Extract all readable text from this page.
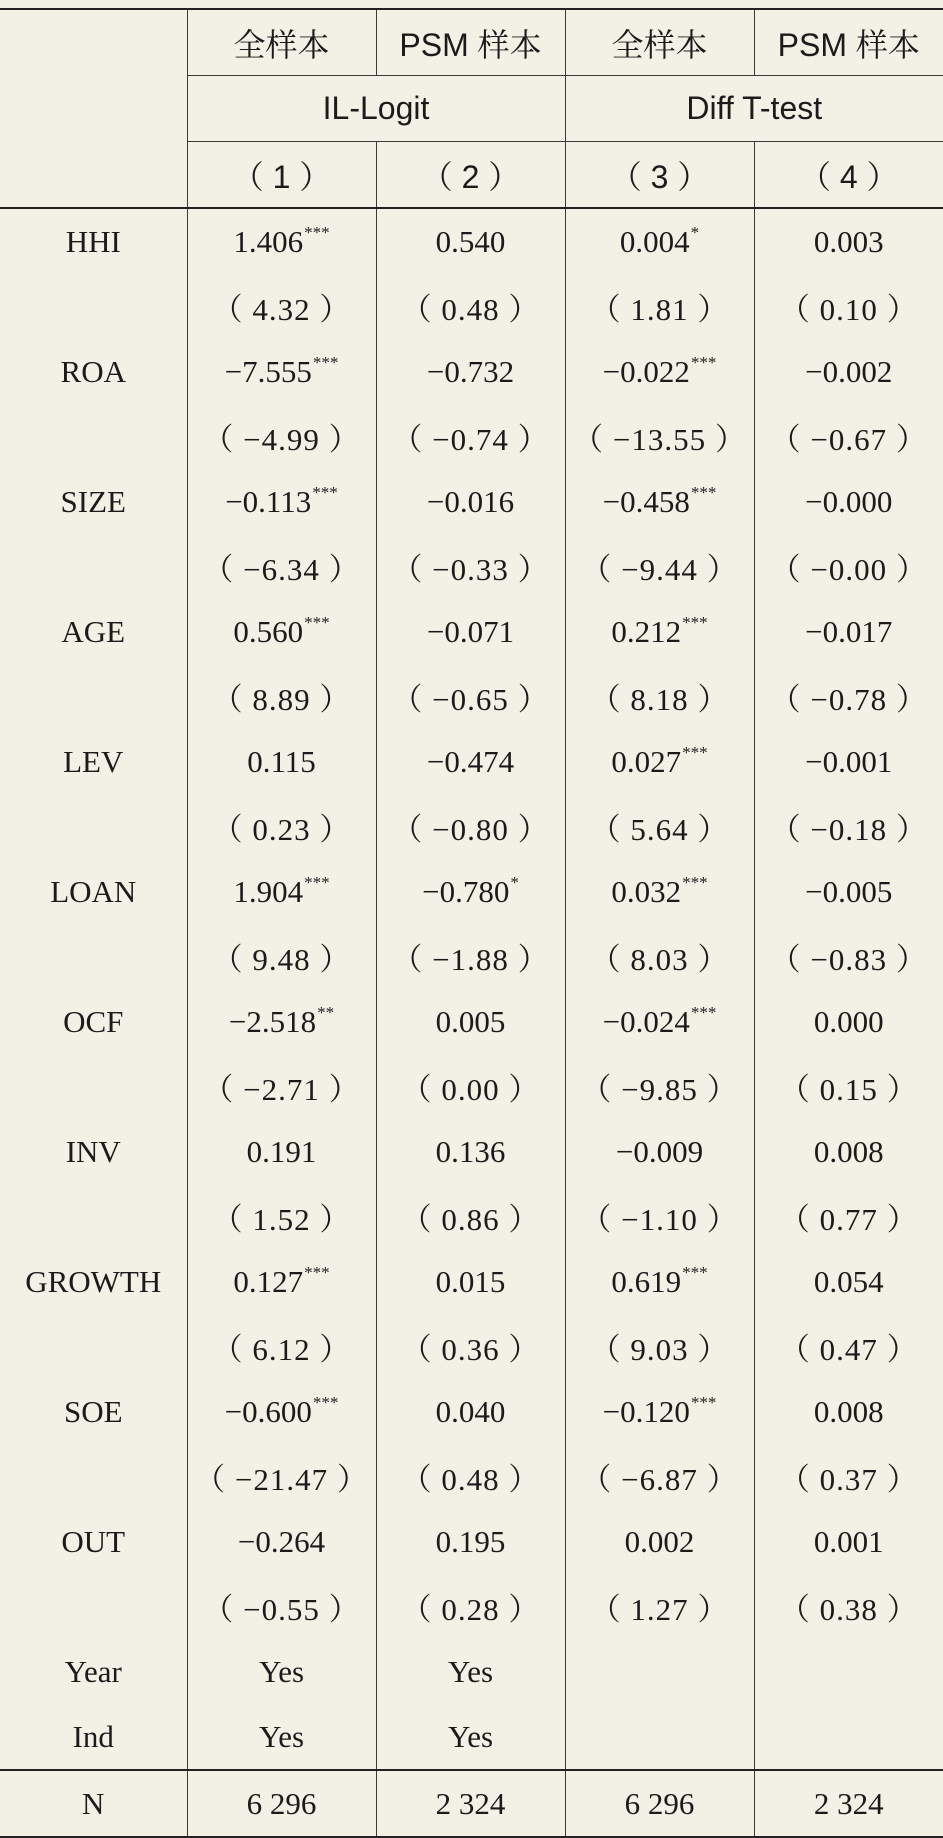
	全样本	PSM 样本	全样本	PSM 样本
	IL-Logit		Diff T-test	
	（ 1 ）	（ 2 ）	（ 3 ）	（ 4 ）
HHI	1.406***	0.540	0.004*	0.003
	（ 4.32 ）	（ 0.48 ）	（ 1.81 ）	（ 0.10 ）
ROA	−7.555***	−0.732	−0.022***	−0.002
	（ −4.99 ）	（ −0.74 ）	（ −13.55 ）	（ −0.67 ）
SIZE	−0.113***	−0.016	−0.458***	−0.000
	（ −6.34 ）	（ −0.33 ）	（ −9.44 ）	（ −0.00 ）
AGE	0.560***	−0.071	0.212***	−0.017
	（ 8.89 ）	（ −0.65 ）	（ 8.18 ）	（ −0.78 ）
LEV	0.115	−0.474	0.027***	−0.001
	（ 0.23 ）	（ −0.80 ）	（ 5.64 ）	（ −0.18 ）
LOAN	1.904***	−0.780*	0.032***	−0.005
	（ 9.48 ）	（ −1.88 ）	（ 8.03 ）	（ −0.83 ）
OCF	−2.518**	0.005	−0.024***	0.000
	（ −2.71 ）	（ 0.00 ）	（ −9.85 ）	（ 0.15 ）
INV	0.191	0.136	−0.009	0.008
	（ 1.52 ）	（ 0.86 ）	（ −1.10 ）	（ 0.77 ）
GROWTH	0.127***	0.015	0.619***	0.054
	（ 6.12 ）	（ 0.36 ）	（ 9.03 ）	（ 0.47 ）
SOE	−0.600***	0.040	−0.120***	0.008
	（ −21.47 ）	（ 0.48 ）	（ −6.87 ）	（ 0.37 ）
OUT	−0.264	0.195	0.002	0.001
	（ −0.55 ）	（ 0.28 ）	（ 1.27 ）	（ 0.38 ）
Year	Yes	Yes		
Ind	Yes	Yes		
N	6 296	2 324	6 296	2 324
